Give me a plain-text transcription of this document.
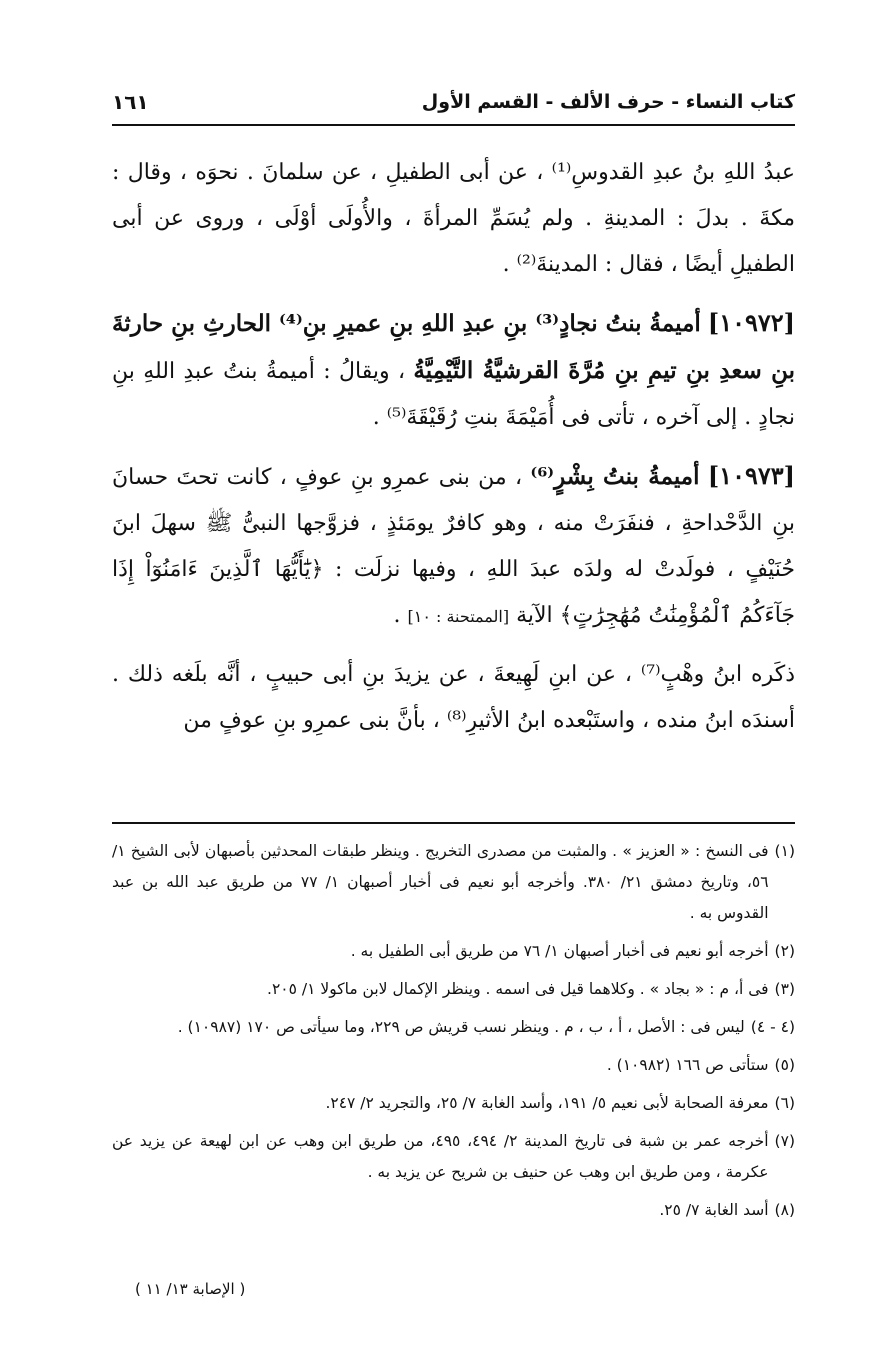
كتاب النساء - حرف الألف - القسم الأول
١٦١

عبدُ اللهِ بنُ عبدِ القدوسِ⁽¹⁾ ، عن أبى الطفيلِ ، عن سلمانَ . نحوَه ، وقال : مكةَ . بدلَ : المدينةِ . ولم يُسَمِّ المرأةَ ، والأُولَى أوْلَى ، وروى عن أبى الطفيلِ أيضًا ، فقال : المدينةَ⁽²⁾ .

[١٠٩٧٢] أميمةُ بنتُ نجادٍ⁽³⁾ بنِ عبدِ اللهِ بنِ عميرِ بنِ⁽⁴⁾ الحارثِ بنِ حارثةَ بنِ سعدِ بنِ تيمِ بنِ مُرَّةَ القرشيَّةُ التَّيْمِيَّةُ ، ويقالُ : أميمةُ بنتُ عبدِ اللهِ بنِ نجادٍ . إلى آخره ، تأتى فى أُمَيْمَةَ بنتِ رُقَيْقَةَ⁽⁵⁾ .

[١٠٩٧٣] أميمةُ بنتُ بِشْرٍ⁽⁶⁾ ، من بنى عمرِو بنِ عوفٍ ، كانت تحتَ حسانَ بنِ الدَّحْداحةِ ، فنفَرَتْ منه ، وهو كافرٌ يومَئذٍ ، فزوَّجها النبىُّ ﷺ سهلَ ابنَ حُنَيْفٍ ، فولَدتْ له ولدَه عبدَ اللهِ ، وفيها نزلَت : ﴿يَٰٓأَيُّهَا ٱلَّذِينَ ءَامَنُوٓاْ إِذَا جَآءَكُمُ ٱلْمُؤْمِنَٰتُ مُهَٰجِرَٰتٍ﴾ الآية [الممتحنة : ١٠] .

ذكَره ابنُ وهْبٍ⁽⁷⁾ ، عن ابنِ لَهِيعةَ ، عن يزيدَ بنِ أبى حبيبٍ ، أنَّه بلَغه ذلك . أسندَه ابنُ منده ، واستَبْعده ابنُ الأثيرِ⁽⁸⁾ ، بأنَّ بنى عمرِو بنِ عوفٍ من

(١)
فى النسخ : « العزيز » . والمثبت من مصدرى التخريج . وينظر طبقات المحدثين بأصبهان لأبى الشيخ ١/ ٥٦، وتاريخ دمشق ٢١/ ٣٨٠. وأخرجه أبو نعيم فى أخبار أصبهان ١/ ٧٧ من طريق عبد الله بن عبد القدوس به .
(٢)
أخرجه أبو نعيم فى أخبار أصبهان ١/ ٧٦ من طريق أبى الطفيل به .
(٣)
فى أ، م : « بجاد » . وكلاهما قيل فى اسمه . وينظر الإكمال لابن ماكولا ١/ ٢٠٥.
(٤ - ٤)
ليس فى : الأصل ، أ ، ب ، م . وينظر نسب قريش ص ٢٢٩، وما سيأتى ص ١٧٠ (١٠٩٨٧) .
(٥)
ستأتى ص ١٦٦ (١٠٩٨٢) .
(٦)
معرفة الصحابة لأبى نعيم ٥/ ١٩١، وأسد الغابة ٧/ ٢٥، والتجريد ٢/ ٢٤٧.
(٧)
أخرجه عمر بن شبة فى تاريخ المدينة ٢/ ٤٩٤، ٤٩٥، من طريق ابن وهب عن ابن لهيعة عن يزيد عن عكرمة ، ومن طريق ابن وهب عن حنيف بن شريح عن يزيد به .
(٨)
أسد الغابة ٧/ ٢٥.
( الإصابة ١٣/ ١١ )
